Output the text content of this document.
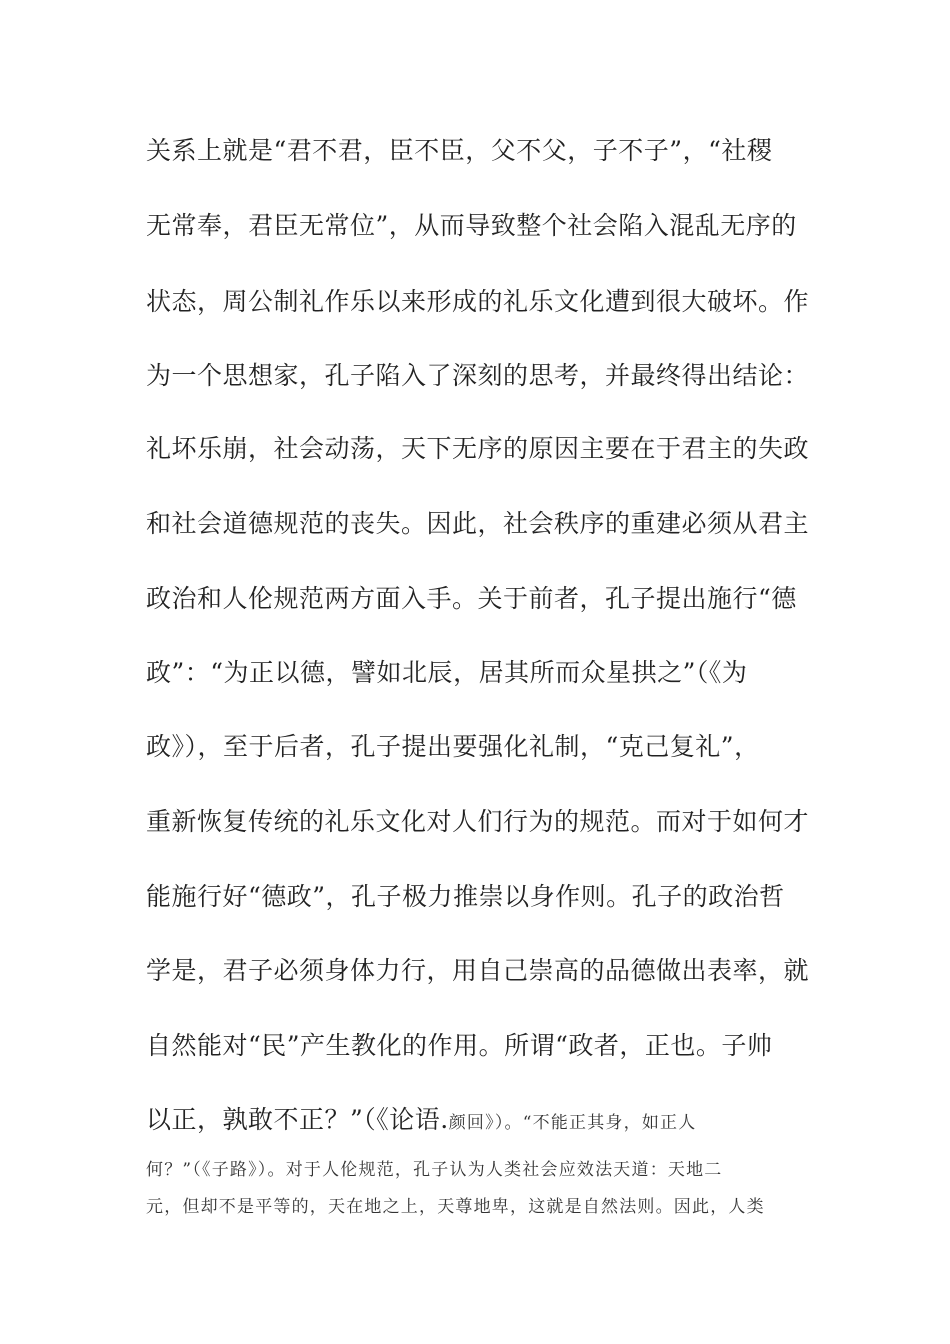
关系上就是“君不君，臣不臣，父不父，子不子”，“社稷
无常奉，君臣无常位”，从而导致整个社会陷入混乱无序的
状态，周公制礼作乐以来形成的礼乐文化遭到很大破坏。作
为一个思想家，孔子陷入了深刻的思考，并最终得出结论：
礼坏乐崩，社会动荡，天下无序的原因主要在于君主的失政
和社会道德规范的丧失。因此，社会秩序的重建必须从君主
政治和人伦规范两方面入手。关于前者，孔子提出施行“德
政”：“为正以德，譬如北辰，居其所而众星拱之”（《为
政》），至于后者，孔子提出要强化礼制，“克己复礼”，
重新恢复传统的礼乐文化对人们行为的规范。而对于如何才
能施行好“德政”，孔子极力推崇以身作则。孔子的政治哲
学是，君子必须身体力行，用自己崇高的品德做出表率，就
自然能对“民”产生教化的作用。所谓“政者，正也。子帅
以正，孰敢不正？”（《论语.颜回》）。“不能正其身，如正人
何？”（《子路》）。对于人伦规范，孔子认为人类社会应效法天道：天地二
元，但却不是平等的，天在地之上，天尊地卑，这就是自然法则。因此，人类
